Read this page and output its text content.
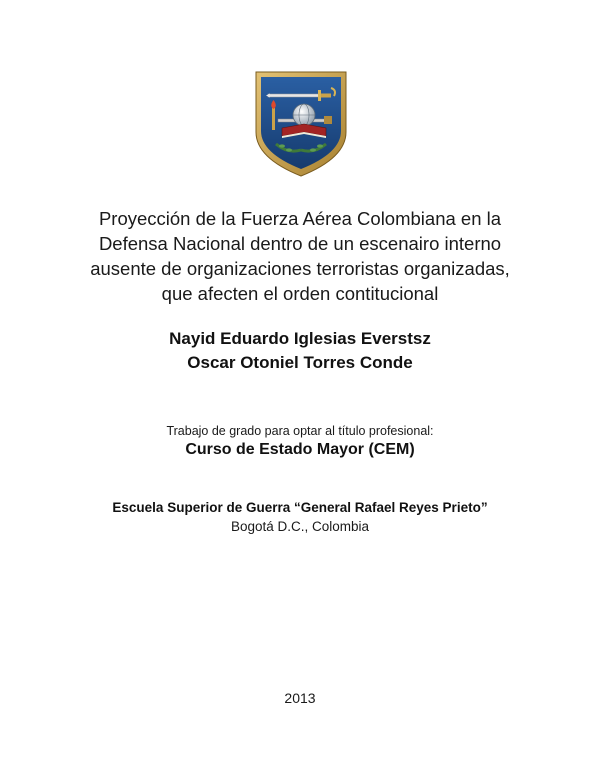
Proyección de la Fuerza Aérea Colombiana en la
Defensa Nacional dentro de un escenairo interno
ausente de organizaciones terroristas organizadas,
que afecten el orden contitucional
Nayid Eduardo Iglesias Everstsz
Oscar Otoniel Torres Conde
Trabajo de grado para optar al título profesional:
Curso de Estado Mayor (CEM)
Escuela Superior de Guerra “General Rafael Reyes Prieto”
Bogotá D.C., Colombia
2013
